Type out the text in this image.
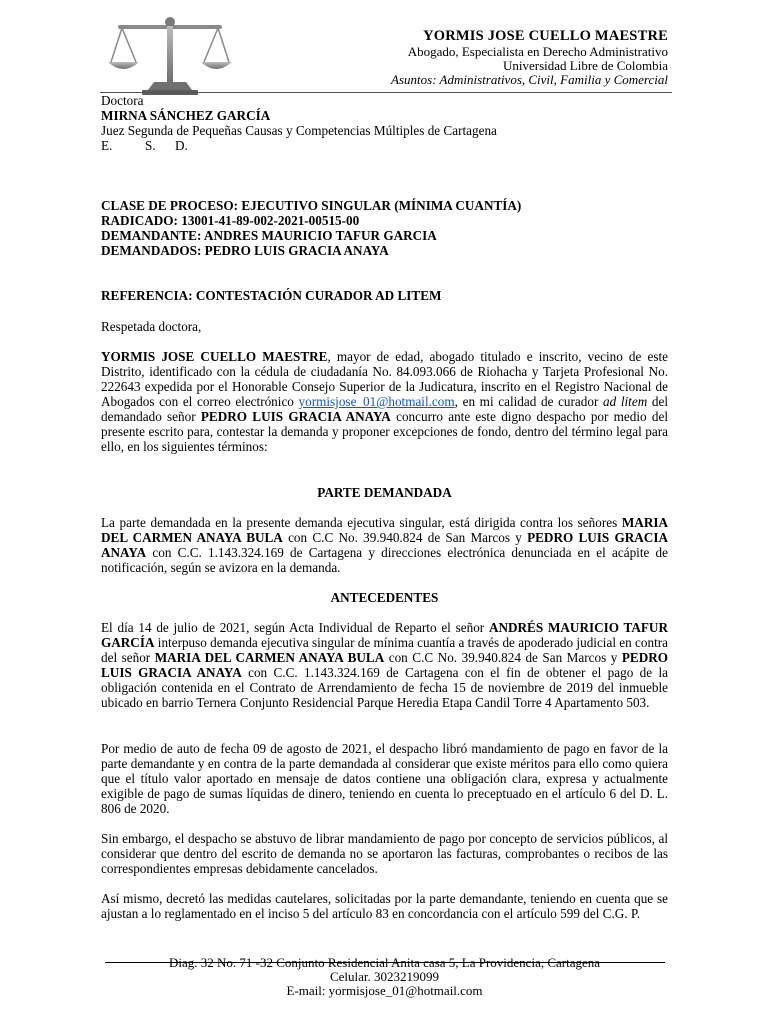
YORMIS JOSE CUELLO MAESTRE
Abogado, Especialista en Derecho Administrativo
Universidad Libre de Colombia
Asuntos: Administrativos, Civil, Familia y Comercial
Doctora
MIRNA SÁNCHEZ GARCÍA
Juez Segunda de Pequeñas Causas y Competencias Múltiples de Cartagena
E. S. D.
CLASE DE PROCESO: EJECUTIVO SINGULAR (MÍNIMA CUANTÍA)
RADICADO: 13001-41-89-002-2021-00515-00
DEMANDANTE: ANDRES MAURICIO TAFUR GARCIA
DEMANDADOS: PEDRO LUIS GRACIA ANAYA
REFERENCIA: CONTESTACIÓN CURADOR AD LITEM
Respetada doctora,
YORMIS JOSE CUELLO MAESTRE, mayor de edad, abogado titulado e inscrito, vecino de este Distrito, identificado con la cédula de ciudadanía No. 84.093.066 de Riohacha y Tarjeta Profesional No. 222643 expedida por el Honorable Consejo Superior de la Judicatura, inscrito en el Registro Nacional de Abogados con el correo electrónico yormisjose_01@hotmail.com, en mi calidad de curador ad litem del demandado señor PEDRO LUIS GRACIA ANAYA concurro ante este digno despacho por medio del presente escrito para, contestar la demanda y proponer excepciones de fondo, dentro del término legal para ello, en los siguientes términos:
PARTE DEMANDADA
La parte demandada en la presente demanda ejecutiva singular, está dirigida contra los señores MARIA DEL CARMEN ANAYA BULA con C.C No. 39.940.824 de San Marcos y PEDRO LUIS GRACIA ANAYA con C.C. 1.143.324.169 de Cartagena y direcciones electrónica denunciada en el acápite de notificación, según se avizora en la demanda.
ANTECEDENTES
El día 14 de julio de 2021, según Acta Individual de Reparto el señor ANDRÉS MAURICIO TAFUR GARCÍA interpuso demanda ejecutiva singular de mínima cuantía a través de apoderado judicial en contra del señor MARIA DEL CARMEN ANAYA BULA con C.C No. 39.940.824 de San Marcos y PEDRO LUIS GRACIA ANAYA con C.C. 1.143.324.169 de Cartagena con el fin de obtener el pago de la obligación contenida en el Contrato de Arrendamiento de fecha 15 de noviembre de 2019 del inmueble ubicado en barrio Ternera Conjunto Residencial Parque Heredia Etapa Candil Torre 4 Apartamento 503.
Por medio de auto de fecha 09 de agosto de 2021, el despacho libró mandamiento de pago en favor de la parte demandante y en contra de la parte demandada al considerar que existe méritos para ello como quiera que el título valor aportado en mensaje de datos contiene una obligación clara, expresa y actualmente exigible de pago de sumas líquidas de dinero, teniendo en cuenta lo preceptuado en el artículo 6 del D. L. 806 de 2020.
Sin embargo, el despacho se abstuvo de librar mandamiento de pago por concepto de servicios públicos, al considerar que dentro del escrito de demanda no se aportaron las facturas, comprobantes o recibos de las correspondientes empresas debidamente cancelados.
Así mismo, decretó las medidas cautelares, solicitadas por la parte demandante, teniendo en cuenta que se ajustan a lo reglamentado en el inciso 5 del artículo 83 en concordancia con el artículo 599 del C.G. P.
Diag. 32 No. 71 -32 Conjunto Residencial Anita casa 5, La Providencia, Cartagena
Celular. 3023219099
E-mail: yormisjose_01@hotmail.com
